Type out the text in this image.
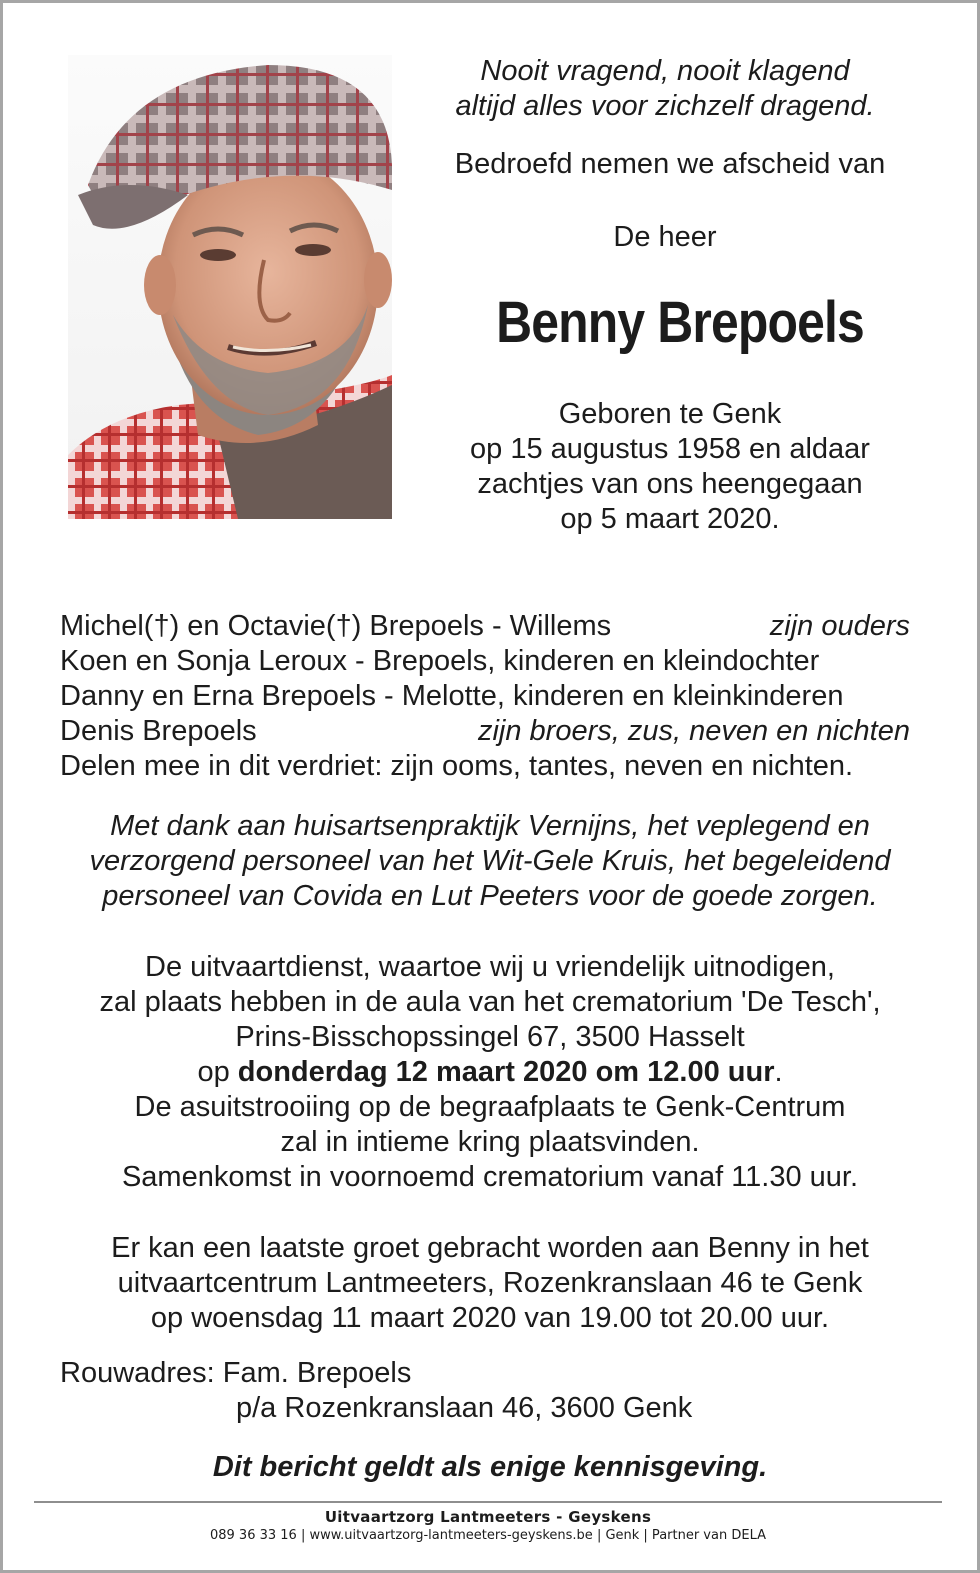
Nooit vragend, nooit klagend
altijd alles voor zichzelf dragend.
Bedroefd nemen we afscheid van
De heer
Benny Brepoels
Geboren te Genk
op 15 augustus 1958 en aldaar
zachtjes van ons heengegaan
op 5 maart 2020.
Michel(†) en Octavie(†) Brepoels - Willems	zijn ouders
Koen en Sonja Leroux - Brepoels, kinderen en kleindochter
Danny en Erna Brepoels - Melotte, kinderen en kleinkinderen
Denis Brepoels	zijn broers, zus, neven en nichten
Delen mee in dit verdriet: zijn ooms, tantes, neven en nichten.
Met dank aan huisartsenpraktijk Vernijns, het veplegend en
verzorgend personeel van het Wit-Gele Kruis, het begeleidend
personeel van Covida en Lut Peeters voor de goede zorgen.
De uitvaartdienst, waartoe wij u vriendelijk uitnodigen,
zal plaats hebben in de aula van het crematorium 'De Tesch',
Prins-Bisschopssingel 67, 3500 Hasselt
op donderdag 12 maart 2020 om 12.00 uur.
De asuitstrooiing op de begraafplaats te Genk-Centrum
zal in intieme kring plaatsvinden.
Samenkomst in voornoemd crematorium vanaf 11.30 uur.
Er kan een laatste groet gebracht worden aan Benny in het
uitvaartcentrum Lantmeeters, Rozenkranslaan 46 te Genk
op woensdag 11 maart 2020 van 19.00 tot 20.00 uur.
Rouwadres: Fam. Brepoels
p/a Rozenkranslaan 46, 3600 Genk
Dit bericht geldt als enige kennisgeving.
Uitvaartzorg Lantmeeters - Geyskens
089 36 33 16 | www.uitvaartzorg-lantmeeters-geyskens.be | Genk | Partner van DELA
